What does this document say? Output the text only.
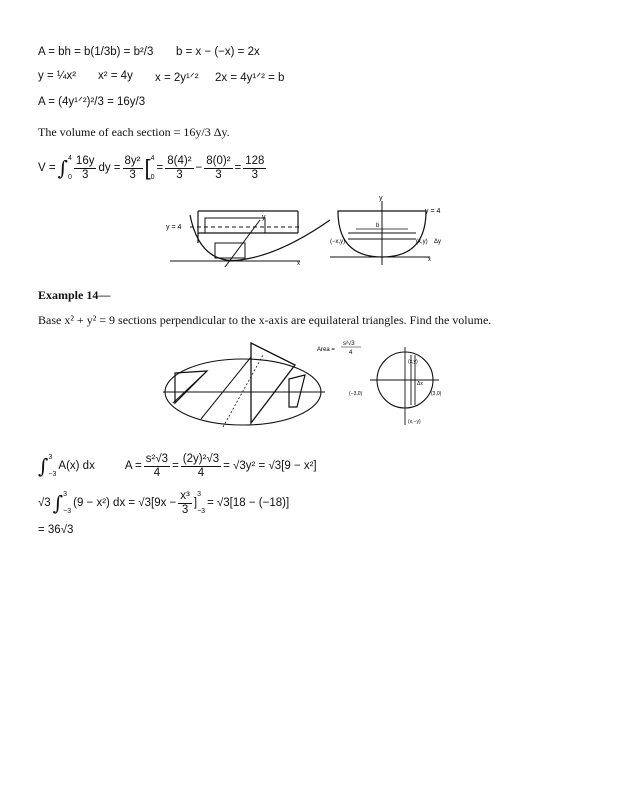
A = bh = b(1/3b) = b²/3 b = x − (−x) = 2x
y = ¼x² x² = 4y x = 2y¹ᐟ² 2x = 4y¹ᐟ² = b
A = (4y¹ᐟ²)²/3 = 16y/3
The volume of each section = 16y/3 Δy.
V = ∫ 4
$0 \frac{16y}{3}$ dy = $\frac{\text{8y²}}{3}$ [ 4
0
= $\frac{\text{8(4)²}}{3} - \frac{\text{8(0)²}}{3} = \frac{128}{3}$
y = 4
y
x
y
y = 4
b
(−x,y)	(x,y) Δy
x
Example 14—
Base x² + y² = 9 sections perpendicular to the x-axis are equilateral triangles. Find the volume.
Area =
s²√3
4
(−3,0)	(3,0)
(x,y)
(x,−y)
Δx
∫ 3
−3
A(x) dx	$A = \frac{\text{s²√3}}{4} = \frac{\text{(2y)²√3}}{4} = √3y^2 = √3[9 - x^2]$
√3 ∫ 3
−3
(9 − x²) dx = $√3[9x - \frac{\text{x³}}{3}$ ]
3
−3
= √3[18 − (−18)]
= 36√3
